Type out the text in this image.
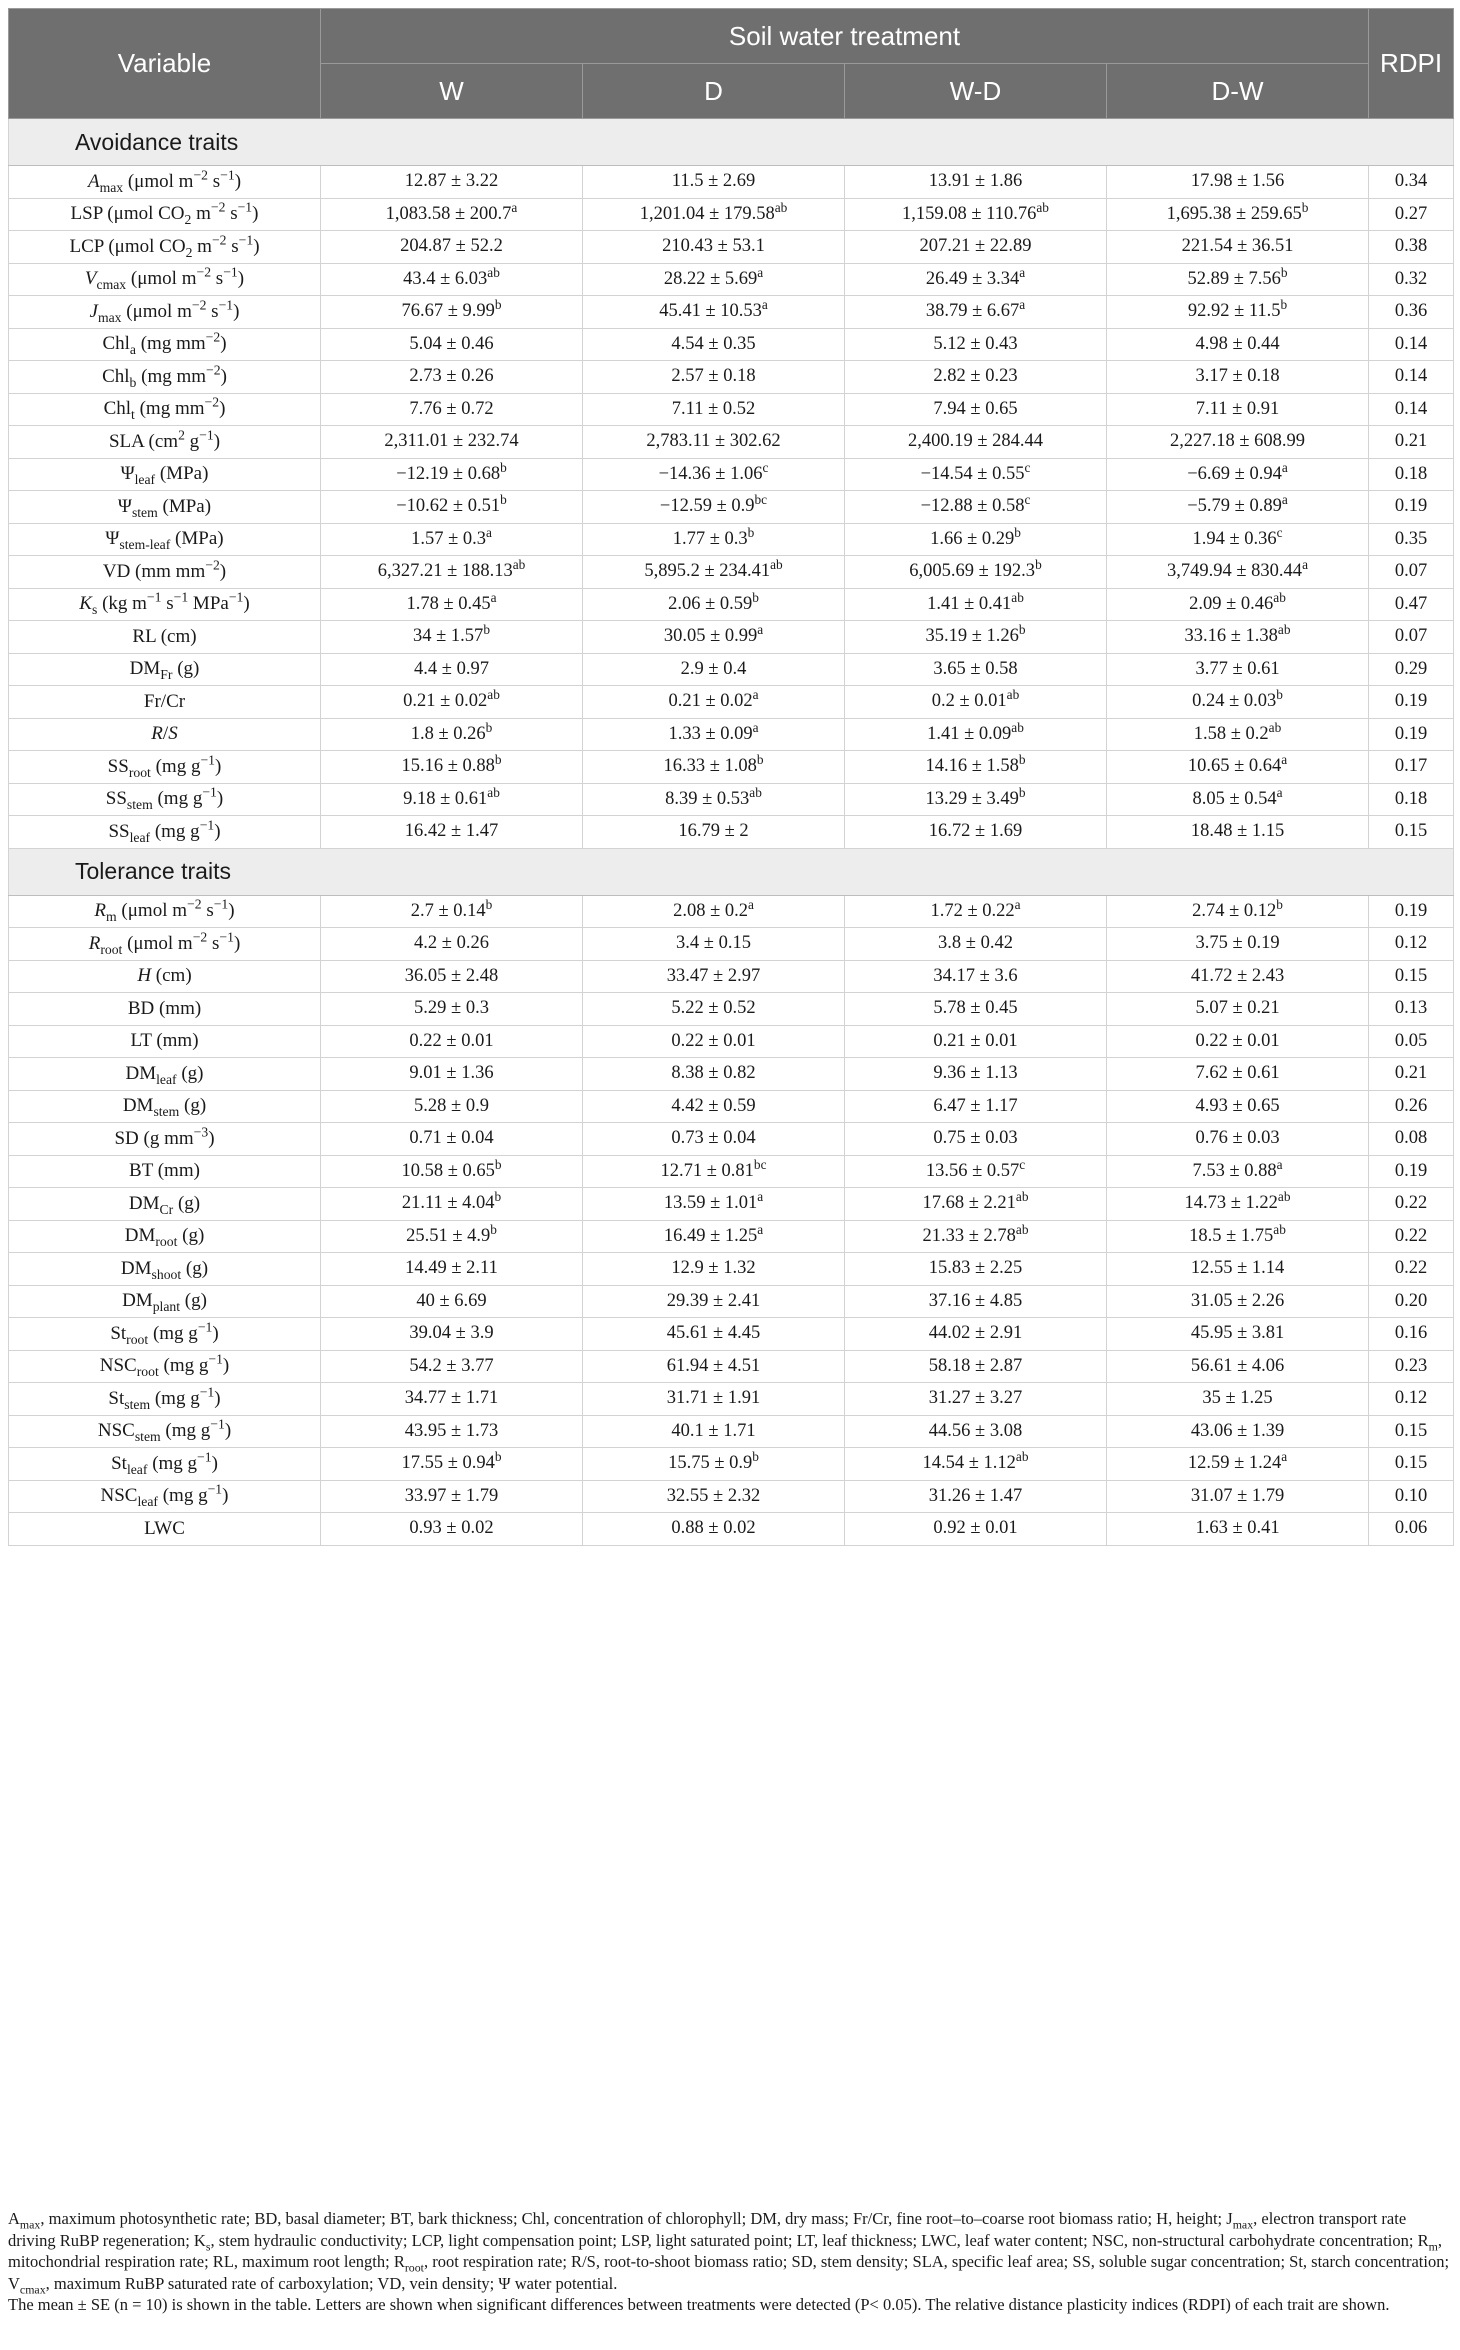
Variable	Soil water treatment				RDPI
	W	D	W-D	D-W	
Avoidance traits					
$A_{max}$ (μmol $m^{-2}$ $s^{-1}$)	12.87 ± 3.22	11.5 ± 2.69	13.91 ± 1.86	17.98 ± 1.56	0.34
LSP (μmol $CO_2$ $m^{-2}$ $s^{-1}$)	1,083.58 ± 200.7$^a$	1,201.04 ± 179.58$^{ab}$	1,159.08 ± 110.76$^{ab}$	1,695.38 ± 259.65$^b$	0.27
LCP (μmol $CO_2$ $m^{-2}$ $s^{-1}$)	204.87 ± 52.2	210.43 ± 53.1	207.21 ± 22.89	221.54 ± 36.51	0.38
$V_{cmax}$ (μmol $m^{-2}$ $s^{-1}$)	43.4 ± 6.03$^{ab}$	28.22 ± 5.69$^a$	26.49 ± 3.34$^a$	52.89 ± 7.56$^b$	0.32
$J_{max}$ (μmol $m^{-2}$ $s^{-1}$)	76.67 ± 9.99$^b$	45.41 ± 10.53$^a$	38.79 ± 6.67$^a$	92.92 ± 11.5$^b$	0.36
Chl$_a$ (mg $mm^{-2}$)	5.04 ± 0.46	4.54 ± 0.35	5.12 ± 0.43	4.98 ± 0.44	0.14
Chl$_b$ (mg $mm^{-2}$)	2.73 ± 0.26	2.57 ± 0.18	2.82 ± 0.23	3.17 ± 0.18	0.14
Chl$_t$ (mg $mm^{-2}$)	7.76 ± 0.72	7.11 ± 0.52	7.94 ± 0.65	7.11 ± 0.91	0.14
SLA ($cm^2$ $g^{-1}$)	2,311.01 ± 232.74	2,783.11 ± 302.62	2,400.19 ± 284.44	2,227.18 ± 608.99	0.21
$\Psi_{leaf}$ (MPa)	−12.19 ± 0.68$^b$	−14.36 ± 1.06$^c$	−14.54 ± 0.55$^c$	−6.69 ± 0.94$^a$	0.18
$\Psi_{stem}$ (MPa)	−10.62 ± 0.51$^b$	−12.59 ± 0.9$^{bc}$	−12.88 ± 0.58$^c$	−5.79 ± 0.89$^a$	0.19
$\Psi_{stem-leaf}$ (MPa)	1.57 ± 0.3$^a$	1.77 ± 0.3$^b$	1.66 ± 0.29$^b$	1.94 ± 0.36$^c$	0.35
VD (mm $mm^{-2}$)	6,327.21 ± 188.13$^{ab}$	5,895.2 ± 234.41$^{ab}$	6,005.69 ± 192.3$^b$	3,749.94 ± 830.44$^a$	0.07
$K_s$ (kg $m^{-1}$ $s^{-1}$ MPa$^{-1}$)	1.78 ± 0.45$^a$	2.06 ± 0.59$^b$	1.41 ± 0.41$^{ab}$	2.09 ± 0.46$^{ab}$	0.47
RL (cm)	34 ± 1.57$^b$	30.05 ± 0.99$^a$	35.19 ± 1.26$^b$	33.16 ± 1.38$^{ab}$	0.07
$DM_{Fr}$ (g)	4.4 ± 0.97	2.9 ± 0.4	3.65 ± 0.58	3.77 ± 0.61	0.29
Fr/Cr	0.21 ± 0.02$^{ab}$	0.21 ± 0.02$^a$	0.2 ± 0.01$^{ab}$	0.24 ± 0.03$^b$	0.19
R/S	1.8 ± 0.26$^b$	1.33 ± 0.09$^a$	1.41 ± 0.09$^{ab}$	1.58 ± 0.2$^{ab}$	0.19
$SS_{root}$ (mg $g^{-1}$)	15.16 ± 0.88$^b$	16.33 ± 1.08$^b$	14.16 ± 1.58$^b$	10.65 ± 0.64$^a$	0.17
$SS_{stem}$ (mg $g^{-1}$)	9.18 ± 0.61$^{ab}$	8.39 ± 0.53$^{ab}$	13.29 ± 3.49$^b$	8.05 ± 0.54$^a$	0.18
$SS_{leaf}$ (mg $g^{-1}$)	16.42 ± 1.47	16.79 ± 2	16.72 ± 1.69	18.48 ± 1.15	0.15
Tolerance traits					
$R_m$ (μmol $m^{-2}$ $s^{-1}$)	2.7 ± 0.14$^b$	2.08 ± 0.2$^a$	1.72 ± 0.22$^a$	2.74 ± 0.12$^b$	0.19
$R_{root}$ (μmol $m^{-2}$ $s^{-1}$)	4.2 ± 0.26	3.4 ± 0.15	3.8 ± 0.42	3.75 ± 0.19	0.12
H (cm)	36.05 ± 2.48	33.47 ± 2.97	34.17 ± 3.6	41.72 ± 2.43	0.15
BD (mm)	5.29 ± 0.3	5.22 ± 0.52	5.78 ± 0.45	5.07 ± 0.21	0.13
LT (mm)	0.22 ± 0.01	0.22 ± 0.01	0.21 ± 0.01	0.22 ± 0.01	0.05
$DM_{leaf}$ (g)	9.01 ± 1.36	8.38 ± 0.82	9.36 ± 1.13	7.62 ± 0.61	0.21
$DM_{stem}$ (g)	5.28 ± 0.9	4.42 ± 0.59	6.47 ± 1.17	4.93 ± 0.65	0.26
SD (g $mm^{-3}$)	0.71 ± 0.04	0.73 ± 0.04	0.75 ± 0.03	0.76 ± 0.03	0.08
BT (mm)	10.58 ± 0.65$^b$	12.71 ± 0.81$^{bc}$	13.56 ± 0.57$^c$	7.53 ± 0.88$^a$	0.19
$DM_{Cr}$ (g)	21.11 ± 4.04$^b$	13.59 ± 1.01$^a$	17.68 ± 2.21$^{ab}$	14.73 ± 1.22$^{ab}$	0.22
$DM_{root}$ (g)	25.51 ± 4.9$^b$	16.49 ± 1.25$^a$	21.33 ± 2.78$^{ab}$	18.5 ± 1.75$^{ab}$	0.22
$DM_{shoot}$ (g)	14.49 ± 2.11	12.9 ± 1.32	15.83 ± 2.25	12.55 ± 1.14	0.22
$DM_{plant}$ (g)	40 ± 6.69	29.39 ± 2.41	37.16 ± 4.85	31.05 ± 2.26	0.20
$St_{root}$ (mg $g^{-1}$)	39.04 ± 3.9	45.61 ± 4.45	44.02 ± 2.91	45.95 ± 3.81	0.16
$NSC_{root}$ (mg $g^{-1}$)	54.2 ± 3.77	61.94 ± 4.51	58.18 ± 2.87	56.61 ± 4.06	0.23
$St_{stem}$ (mg $g^{-1}$)	34.77 ± 1.71	31.71 ± 1.91	31.27 ± 3.27	35 ± 1.25	0.12
$NSC_{stem}$ (mg $g^{-1}$)	43.95 ± 1.73	40.1 ± 1.71	44.56 ± 3.08	43.06 ± 1.39	0.15
$St_{leaf}$ (mg $g^{-1}$)	17.55 ± 0.94$^b$	15.75 ± 0.9$^b$	14.54 ± 1.12$^{ab}$	12.59 ± 1.24$^a$	0.15
$NSC_{leaf}$ (mg $g^{-1}$)	33.97 ± 1.79	32.55 ± 2.32	31.26 ± 1.47	31.07 ± 1.79	0.10
LWC	0.93 ± 0.02	0.88 ± 0.02	0.92 ± 0.01	1.63 ± 0.41	0.06

$A_{max}$, maximum photosynthetic rate; BD, basal diameter; BT, bark thickness; Chl, concentration of chlorophyll; DM, dry mass; Fr/Cr, fine root–to–coarse root biomass ratio; H, height; $J_{max}$, electron transport rate driving RuBP regeneration; $K_s$, stem hydraulic conductivity; LCP, light compensation point; LSP, light saturated point; LT, leaf thickness; LWC, leaf water content; NSC, non-structural carbohydrate concentration; $R_m$, mitochondrial respiration rate; RL, maximum root length; $R_{root}$, root respiration rate; R/S, root-to-shoot biomass ratio; SD, stem density; SLA, specific leaf area; SS, soluble sugar concentration; St, starch concentration; $V_{cmax}$, maximum RuBP saturated rate of carboxylation; VD, vein density; Ψ water potential.

The mean ± SE (n = 10) is shown in the table. Letters are shown when significant differences between treatments were detected (P< 0.05). The relative distance plasticity indices (RDPI) of each trait are shown.
